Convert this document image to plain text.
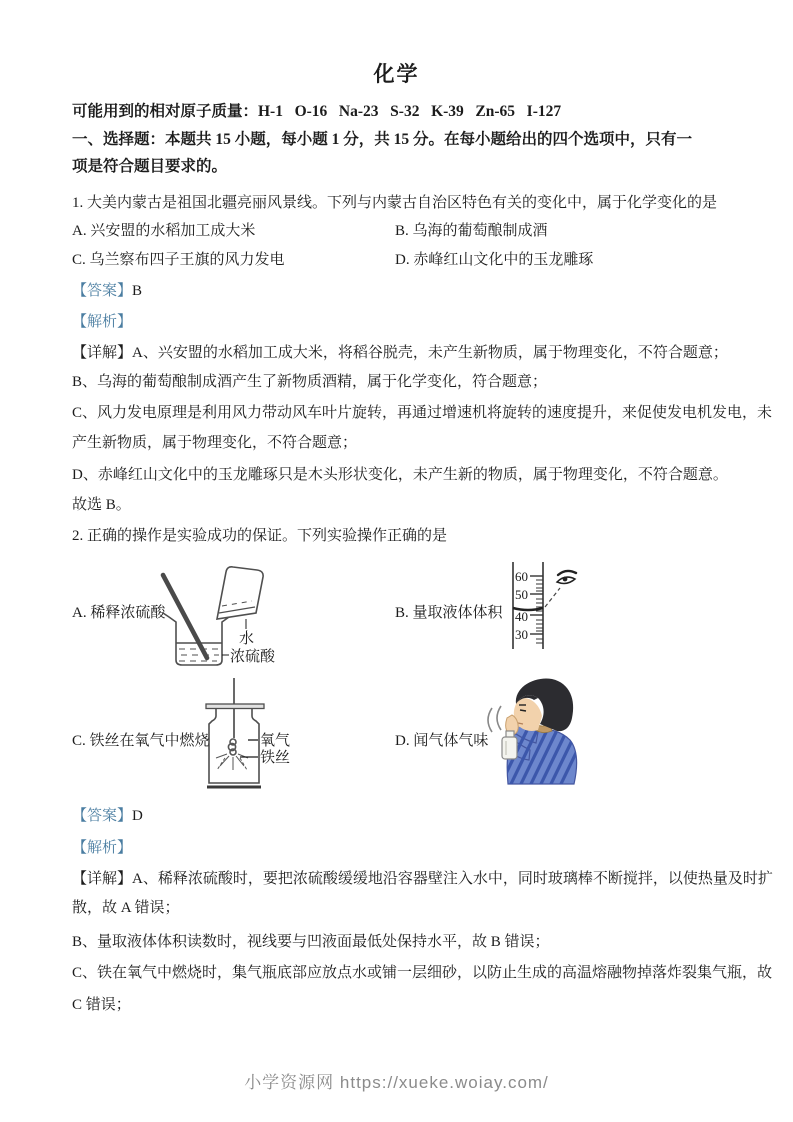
化学
可能用到的相对原子质量：H-1   O-16   Na-23   S-32   K-39   Zn-65   I-127
一、选择题：本题共 15 小题，每小题 1 分，共 15 分。在每小题给出的四个选项中，只有一
项是符合题目要求的。
1. 大美内蒙古是祖国北疆亮丽风景线。下列与内蒙古自治区特色有关的变化中，属于化学变化的是
A. 兴安盟的水稻加工成大米	B. 乌海的葡萄酿制成酒
C. 乌兰察布四子王旗的风力发电	D. 赤峰红山文化中的玉龙雕琢
【答案】B
【解析】
【详解】A、兴安盟的水稻加工成大米，将稻谷脱壳，未产生新物质，属于物理变化，不符合题意；
B、乌海的葡萄酿制成酒产生了新物质酒精，属于化学变化，符合题意；
C、风力发电原理是利用风力带动风车叶片旋转，再通过增速机将旋转的速度提升，来促使发电机发电，未
产生新物质，属于物理变化，不符合题意；
D、赤峰红山文化中的玉龙雕琢只是木头形状变化，未产生新的物质，属于物理变化，不符合题意。
故选 B。
2. 正确的操作是实验成功的保证。下列实验操作正确的是
A. 稀释浓硫酸	B. 量取液体体积
C. 铁丝在氧气中燃烧	D. 闻气体气味
水
浓硫酸
60
50
40
30
氧气
铁丝
【答案】D
【解析】
【详解】A、稀释浓硫酸时，要把浓硫酸缓缓地沿容器壁注入水中，同时玻璃棒不断搅拌，以使热量及时扩
散，故 A 错误；
B、量取液体体积读数时，视线要与凹液面最低处保持水平，故 B 错误；
C、铁在氧气中燃烧时，集气瓶底部应放点水或铺一层细砂，以防止生成的高温熔融物掉落炸裂集气瓶，故
C 错误；
小学资源网 https://xueke.woiay.com/
